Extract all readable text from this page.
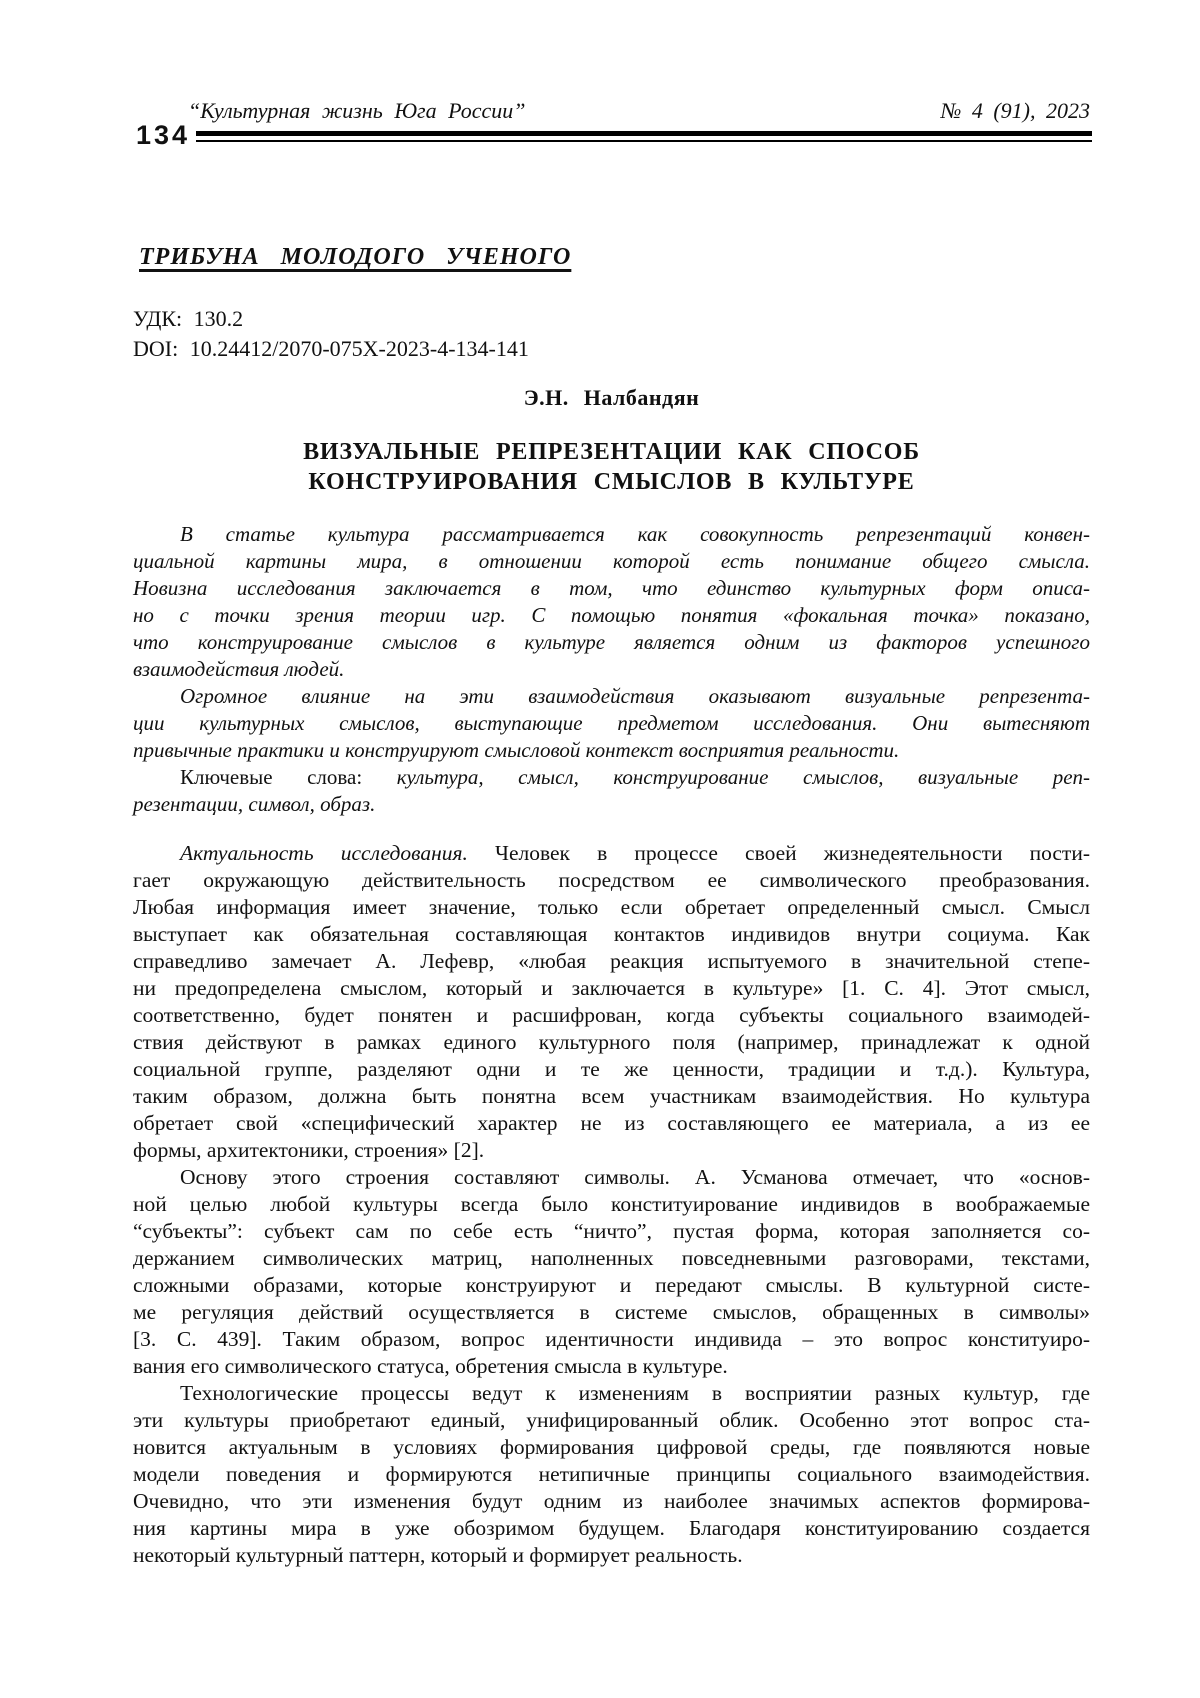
134
“Культурная жизнь Юга России”	№ 4 (91), 2023
ТРИБУНА МОЛОДОГО УЧЕНОГО
УДК: 130.2
DOI: 10.24412/2070-075X-2023-4-134-141
Э.Н. Налбандян
ВИЗУАЛЬНЫЕ РЕПРЕЗЕНТАЦИИ КАК СПОСОБ
КОНСТРУИРОВАНИЯ СМЫСЛОВ В КУЛЬТУРЕ
В статье культура рассматривается как совокупность репрезентаций конвен-
циальной картины мира, в отношении которой есть понимание общего смысла.
Новизна исследования заключается в том, что единство культурных форм описа-
но с точки зрения теории игр. С помощью понятия «фокальная точка» показано,
что конструирование смыслов в культуре является одним из факторов успешного
взаимодействия людей.
Огромное влияние на эти взаимодействия оказывают визуальные репрезента-
ции культурных смыслов, выступающие предметом исследования. Они вытесняют
привычные практики и конструируют смысловой контекст восприятия реальности.
Ключевые слова: культура, смысл, конструирование смыслов, визуальные реп-
резентации, символ, образ.
Актуальность исследования. Человек в процессе своей жизнедеятельности пости-
гает окружающую действительность посредством ее символического преобразования.
Любая информация имеет значение, только если обретает определенный смысл. Смысл
выступает как обязательная составляющая контактов индивидов внутри социума. Как
справедливо замечает А. Лефевр, «любая реакция испытуемого в значительной степе-
ни предопределена смыслом, который и заключается в культуре» [1. С. 4]. Этот смысл,
соответственно, будет понятен и расшифрован, когда субъекты социального взаимодей-
ствия действуют в рамках единого культурного поля (например, принадлежат к одной
социальной группе, разделяют одни и те же ценности, традиции и т.д.). Культура,
таким образом, должна быть понятна всем участникам взаимодействия. Но культура
обретает свой «специфический характер не из составляющего ее материала, а из ее
формы, архитектоники, строения» [2].
Основу этого строения составляют символы. А. Усманова отмечает, что «основ-
ной целью любой культуры всегда было конституирование индивидов в воображаемые
“субъекты”: субъект сам по себе есть “ничто”, пустая форма, которая заполняется со-
держанием символических матриц, наполненных повседневными разговорами, текстами,
сложными образами, которые конструируют и передают смыслы. В культурной систе-
ме регуляция действий осуществляется в системе смыслов, обращенных в символы»
[3. С. 439]. Таким образом, вопрос идентичности индивида – это вопрос конституиро-
вания его символического статуса, обретения смысла в культуре.
Технологические процессы ведут к изменениям в восприятии разных культур, где
эти культуры приобретают единый, унифицированный облик. Особенно этот вопрос ста-
новится актуальным в условиях формирования цифровой среды, где появляются новые
модели поведения и формируются нетипичные принципы социального взаимодействия.
Очевидно, что эти изменения будут одним из наиболее значимых аспектов формирова-
ния картины мира в уже обозримом будущем. Благодаря конституированию создается
некоторый культурный паттерн, который и формирует реальность.
